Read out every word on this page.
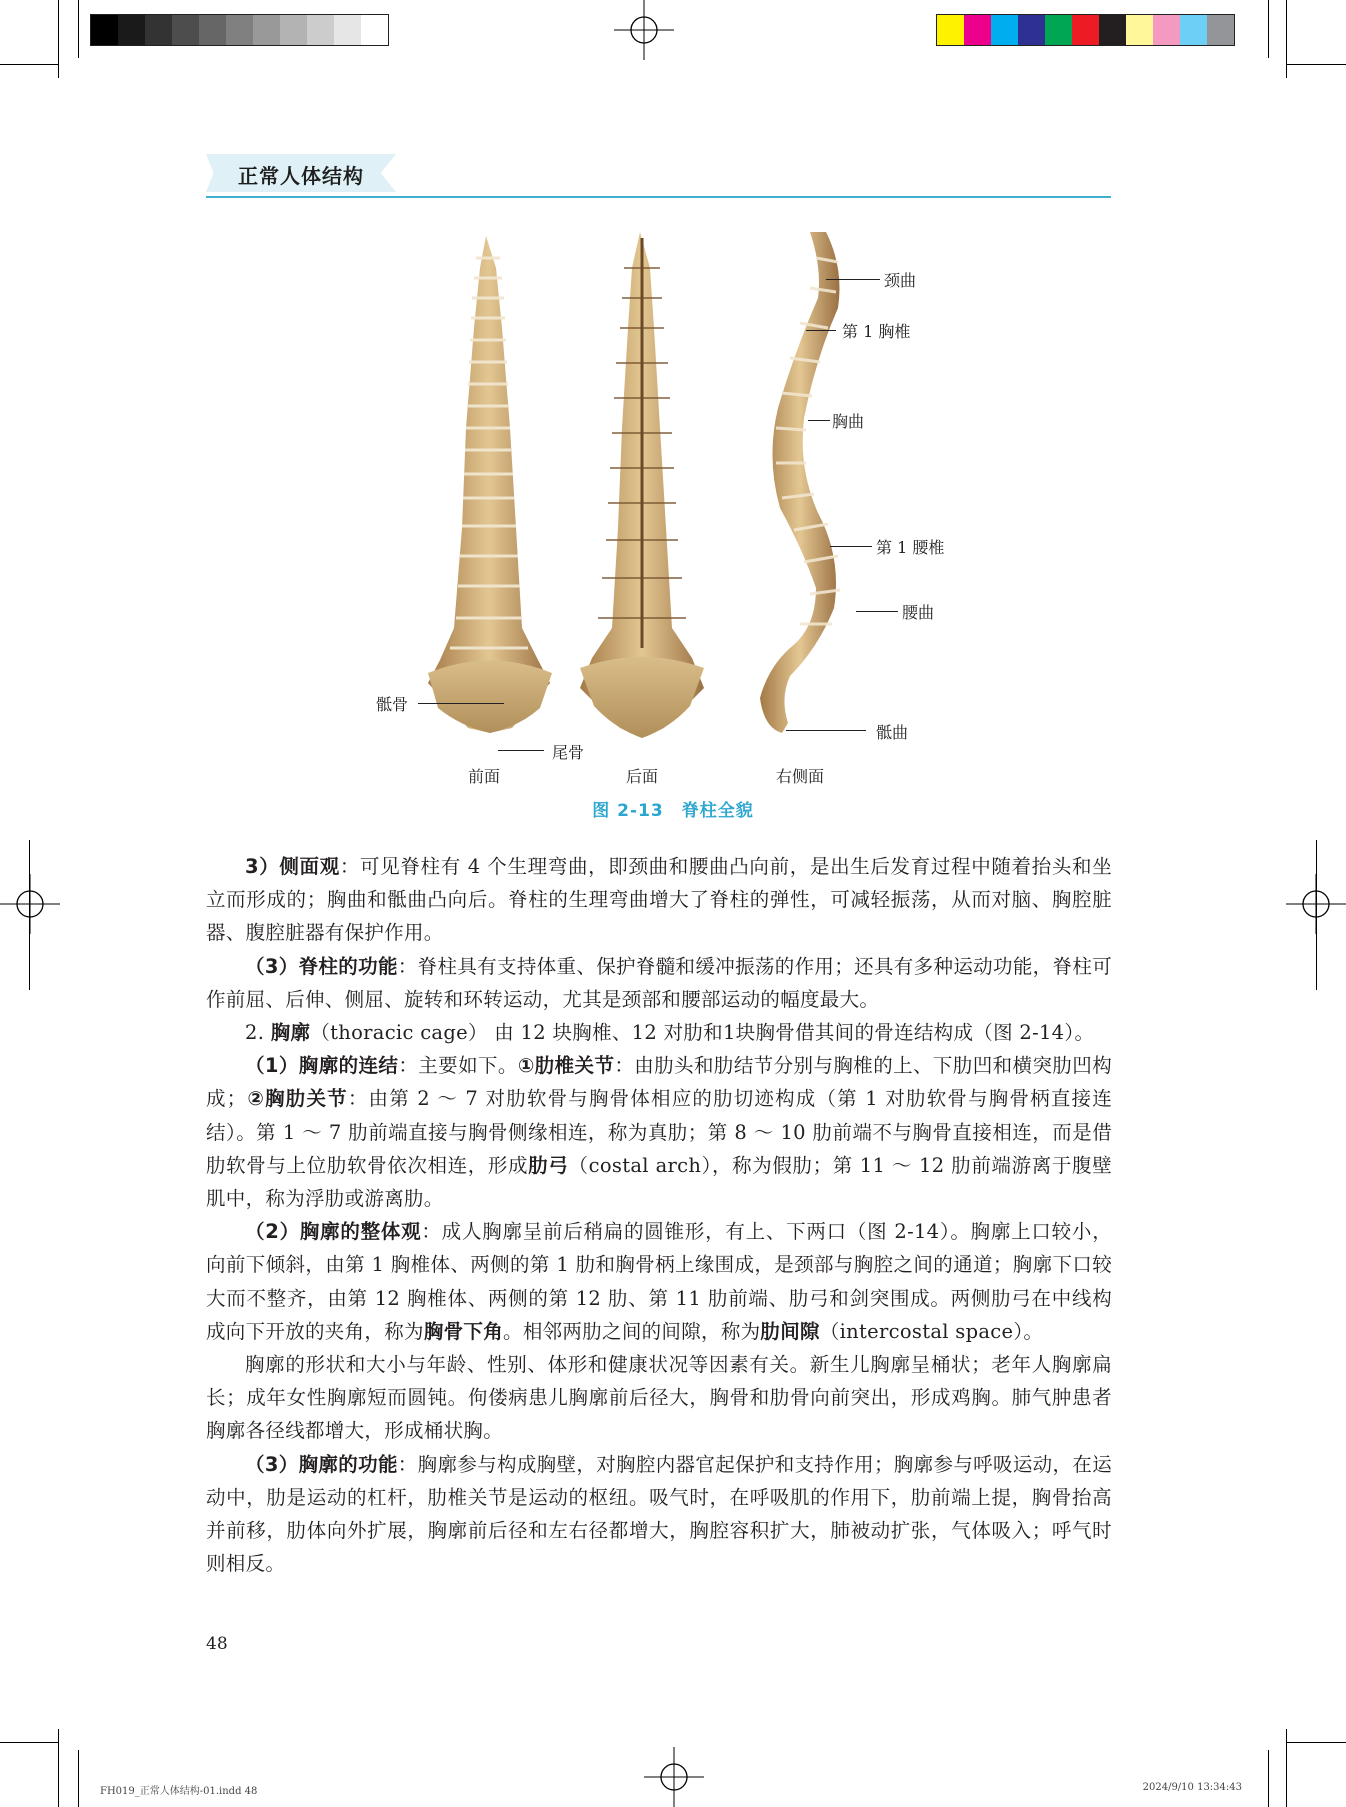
正常人体结构
颈曲
第 1 胸椎
胸曲
第 1 腰椎
腰曲
骶曲
骶骨
尾骨
前面	后面	右侧面
图 2-13　脊柱全貌

3）侧面观：可见脊柱有 4 个生理弯曲，即颈曲和腰曲凸向前，是出生后发育过程中随着抬头和坐立而形成的；胸曲和骶曲凸向后。脊柱的生理弯曲增大了脊柱的弹性，可减轻振荡，从而对脑、胸腔脏器、腹腔脏器有保护作用。

（3）脊柱的功能：脊柱具有支持体重、保护脊髓和缓冲振荡的作用；还具有多种运动功能，脊柱可作前屈、后伸、侧屈、旋转和环转运动，尤其是颈部和腰部运动的幅度最大。

2. 胸廓（thoracic cage） 由 12 块胸椎、12 对肋和1块胸骨借其间的骨连结构成（图 2-14）。

（1）胸廓的连结：主要如下。①肋椎关节：由肋头和肋结节分别与胸椎的上、下肋凹和横突肋凹构成；②胸肋关节：由第 2 ～ 7 对肋软骨与胸骨体相应的肋切迹构成（第 1 对肋软骨与胸骨柄直接连结）。第 1 ～ 7 肋前端直接与胸骨侧缘相连，称为真肋；第 8 ～ 10 肋前端不与胸骨直接相连，而是借肋软骨与上位肋软骨依次相连，形成肋弓（costal arch），称为假肋；第 11 ～ 12 肋前端游离于腹壁肌中，称为浮肋或游离肋。

（2）胸廓的整体观：成人胸廓呈前后稍扁的圆锥形，有上、下两口（图 2-14）。胸廓上口较小，向前下倾斜，由第 1 胸椎体、两侧的第 1 肋和胸骨柄上缘围成，是颈部与胸腔之间的通道；胸廓下口较大而不整齐，由第 12 胸椎体、两侧的第 12 肋、第 11 肋前端、肋弓和剑突围成。两侧肋弓在中线构成向下开放的夹角，称为胸骨下角。相邻两肋之间的间隙，称为肋间隙（intercostal space）。

胸廓的形状和大小与年龄、性别、体形和健康状况等因素有关。新生儿胸廓呈桶状；老年人胸廓扁长；成年女性胸廓短而圆钝。佝偻病患儿胸廓前后径大，胸骨和肋骨向前突出，形成鸡胸。肺气肿患者胸廓各径线都增大，形成桶状胸。

（3）胸廓的功能：胸廓参与构成胸壁，对胸腔内器官起保护和支持作用；胸廓参与呼吸运动，在运动中，肋是运动的杠杆，肋椎关节是运动的枢纽。吸气时，在呼吸肌的作用下，肋前端上提，胸骨抬高并前移，肋体向外扩展，胸廓前后径和左右径都增大，胸腔容积扩大，肺被动扩张，气体吸入；呼气时则相反。

48
FH019_正常人体结构-01.indd 48	2024/9/10 13:34:43
